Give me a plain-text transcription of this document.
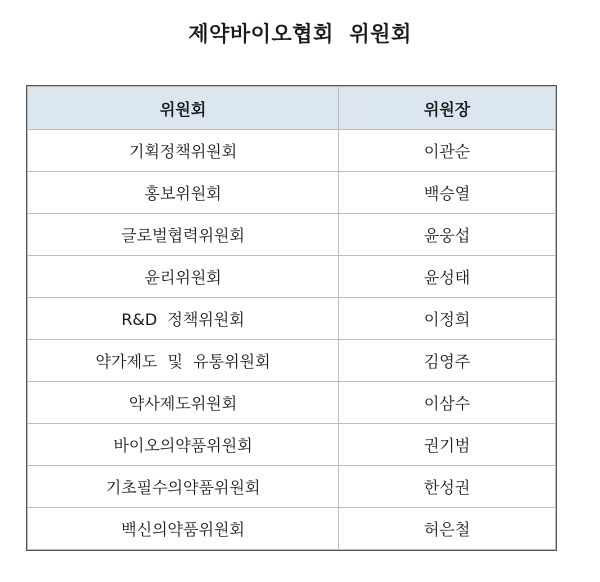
제약바이오협회  위원회
위원회	위원장
기획정책위원회	이관순
홍보위원회	백승열
글로벌협력위원회	윤웅섭
윤리위원회	윤성태
R&D  정책위원회	이정희
약가제도  및  유통위원회	김영주
약사제도위원회	이삼수
바이오의약품위원회	권기범
기초필수의약품위원회	한성권
백신의약품위원회	허은철
